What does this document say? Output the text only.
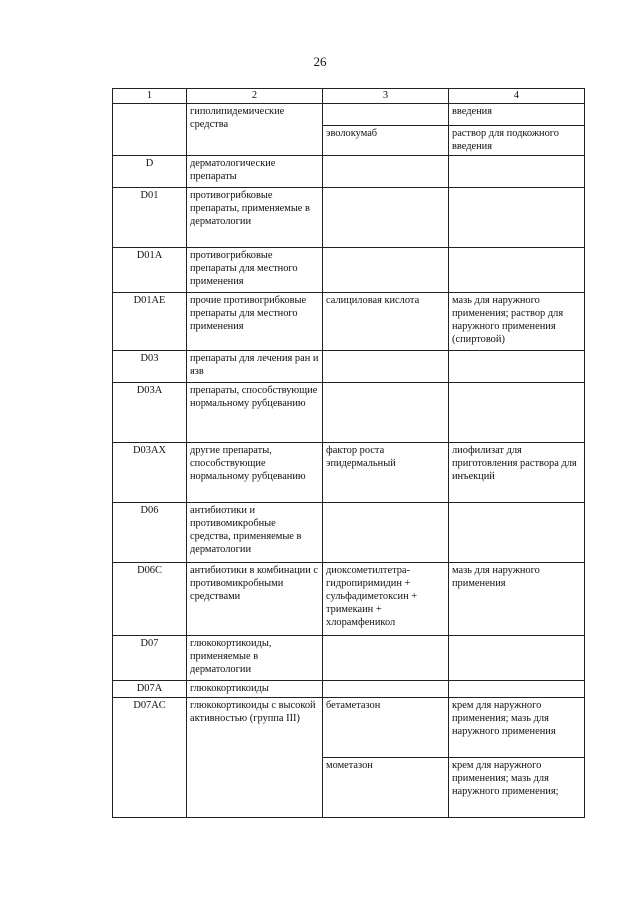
26
1	2	3	4
	гиполипидемические средства		введения
		эволокумаб	раствор для подкожного введения
D	дерматологические препараты		
D01	противогрибковые препараты, применяемые в дерматологии		
D01A	противогрибковые препараты для местного применения		
D01AE	прочие противогрибковые препараты для местного применения	салициловая кислота	мазь для наружного применения; раствор для наружного применения (спиртовой)
D03	препараты для лечения ран и язв		
D03A	препараты, способствующие нормальному рубцеванию		
D03AX	другие препараты, способствующие нормальному рубцеванию	фактор роста эпидермальный	лиофилизат для приготовления раствора для инъекций
D06	антибиотики и противомикробные средства, применяемые в дерматологии		
D06C	антибиотики в комбинации с противомикробными средствами	диоксометилтетра-гидропиримидин + сульфадиметоксин + тримекаин + хлорамфеникол	мазь для наружного применения
D07	глюкокортикоиды, применяемые в дерматологии		
D07A	глюкокортикоиды		
D07AC	глюкокортикоиды с высокой активностью (группа III)	бетаметазон	крем для наружного применения; мазь для наружного применения
		мометазон	крем для наружного применения; мазь для наружного применения;
